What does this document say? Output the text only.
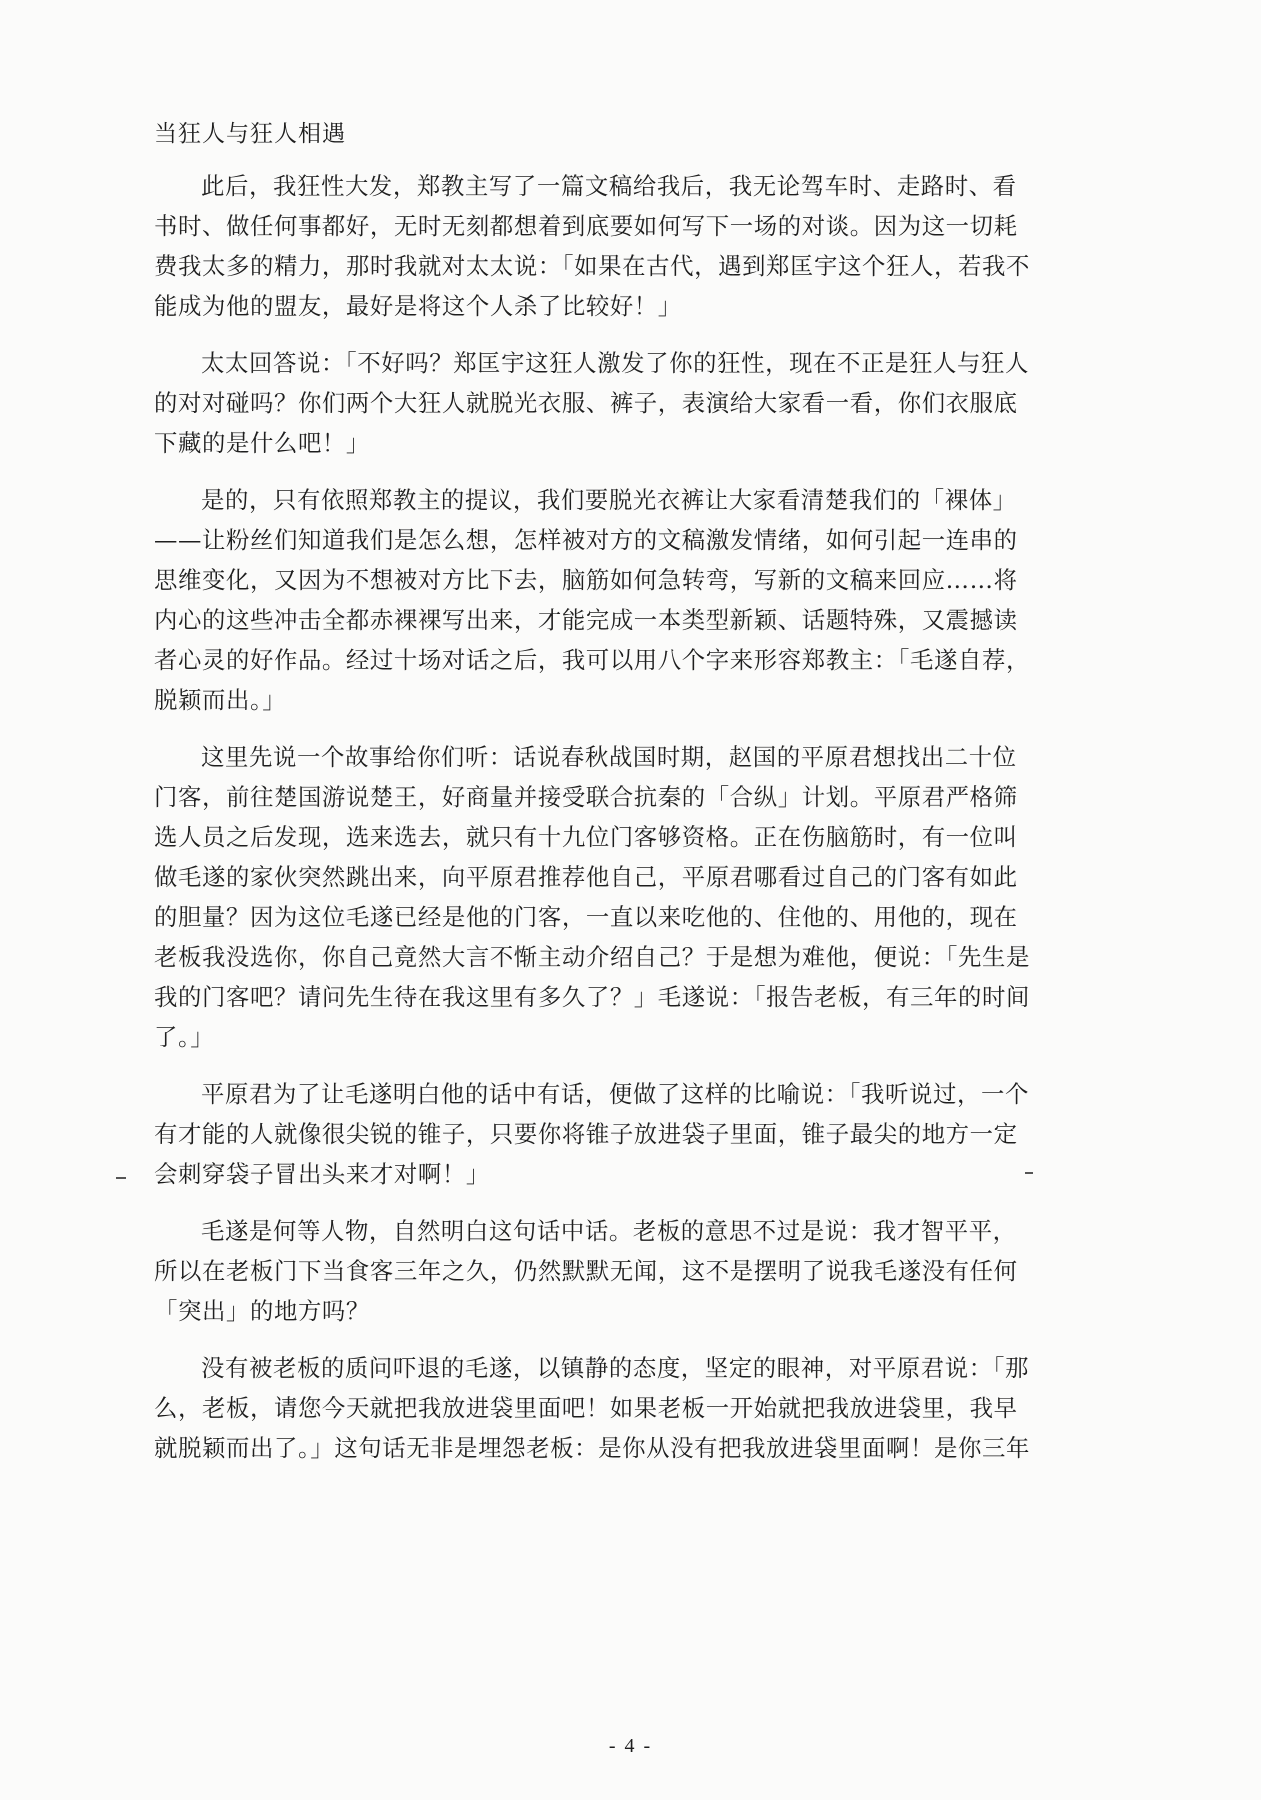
当狂人与狂人相遇
此后，我狂性大发，郑教主写了一篇文稿给我后，我无论驾车时、走路时、看
书时、做任何事都好，无时无刻都想着到底要如何写下一场的对谈。因为这一切耗
费我太多的精力，那时我就对太太说：「如果在古代，遇到郑匡宇这个狂人，若我不
能成为他的盟友，最好是将这个人杀了比较好！」
太太回答说：「不好吗？郑匡宇这狂人激发了你的狂性，现在不正是狂人与狂人
的对对碰吗？你们两个大狂人就脱光衣服、裤子，表演给大家看一看，你们衣服底
下藏的是什么吧！」
是的，只有依照郑教主的提议，我们要脱光衣裤让大家看清楚我们的「裸体」
——让粉丝们知道我们是怎么想，怎样被对方的文稿激发情绪，如何引起一连串的
思维变化，又因为不想被对方比下去，脑筋如何急转弯，写新的文稿来回应……将
内心的这些冲击全都赤裸裸写出来，才能完成一本类型新颖、话题特殊，又震撼读
者心灵的好作品。经过十场对话之后，我可以用八个字来形容郑教主：「毛遂自荐，
脱颖而出。」
这里先说一个故事给你们听：话说春秋战国时期，赵国的平原君想找出二十位
门客，前往楚国游说楚王，好商量并接受联合抗秦的「合纵」计划。平原君严格筛
选人员之后发现，选来选去，就只有十九位门客够资格。正在伤脑筋时，有一位叫
做毛遂的家伙突然跳出来，向平原君推荐他自己，平原君哪看过自己的门客有如此
的胆量？因为这位毛遂已经是他的门客，一直以来吃他的、住他的、用他的，现在
老板我没选你，你自己竟然大言不惭主动介绍自己？于是想为难他，便说：「先生是
我的门客吧？请问先生待在我这里有多久了？」毛遂说：「报告老板，有三年的时间
了。」
平原君为了让毛遂明白他的话中有话，便做了这样的比喻说：「我听说过，一个
有才能的人就像很尖锐的锥子，只要你将锥子放进袋子里面，锥子最尖的地方一定
会刺穿袋子冒出头来才对啊！」
毛遂是何等人物，自然明白这句话中话。老板的意思不过是说：我才智平平，
所以在老板门下当食客三年之久，仍然默默无闻，这不是摆明了说我毛遂没有任何
「突出」的地方吗？
没有被老板的质问吓退的毛遂，以镇静的态度，坚定的眼神，对平原君说：「那
么，老板，请您今天就把我放进袋里面吧！如果老板一开始就把我放进袋里，我早
就脱颖而出了。」这句话无非是埋怨老板：是你从没有把我放进袋里面啊！是你三年
- 4 -
